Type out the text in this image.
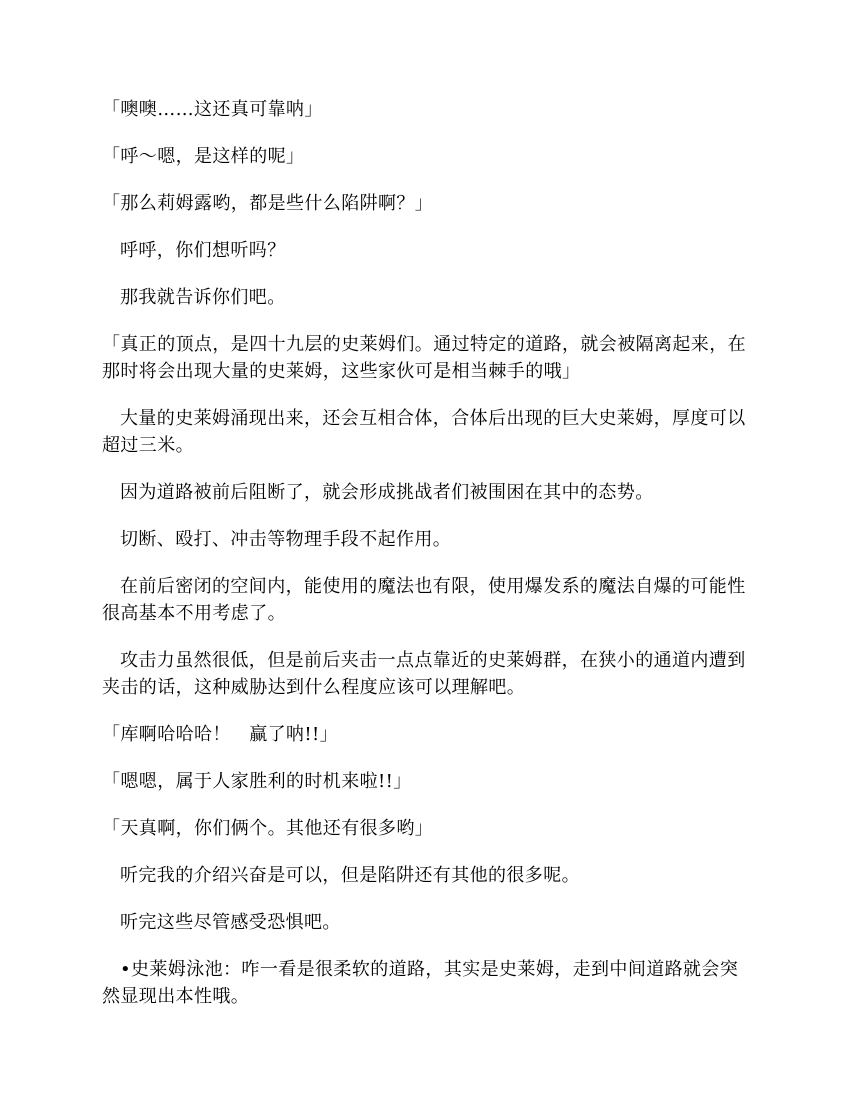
「噢噢……这还真可靠呐」

「呼～嗯，是这样的呢」

「那么莉姆露哟，都是些什么陷阱啊？」

呼呼，你们想听吗？

那我就告诉你们吧。

「真正的顶点，是四十九层的史莱姆们。通过特定的道路，就会被隔离起来，在那时将会出现大量的史莱姆，这些家伙可是相当棘手的哦」

大量的史莱姆涌现出来，还会互相合体，合体后出现的巨大史莱姆，厚度可以超过三米。

因为道路被前后阻断了，就会形成挑战者们被围困在其中的态势。

切断、殴打、冲击等物理手段不起作用。

在前后密闭的空间内，能使用的魔法也有限，使用爆发系的魔法自爆的可能性很高基本不用考虑了。

攻击力虽然很低，但是前后夹击一点点靠近的史莱姆群，在狭小的通道内遭到夹击的话，这种威胁达到什么程度应该可以理解吧。

「库啊哈哈哈！　赢了呐!!」

「嗯嗯，属于人家胜利的时机来啦!!」

「天真啊，你们俩个。其他还有很多哟」

听完我的介绍兴奋是可以，但是陷阱还有其他的很多呢。

听完这些尽管感受恐惧吧。

•史莱姆泳池：咋一看是很柔软的道路，其实是史莱姆，走到中间道路就会突然显现出本性哦。
